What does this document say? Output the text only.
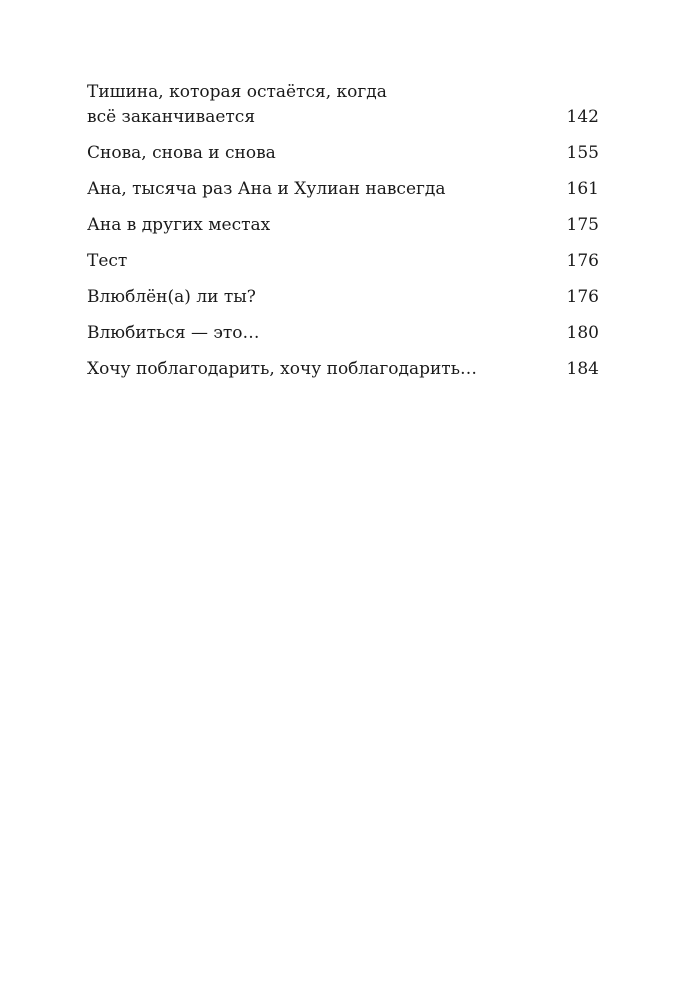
Тишина, которая остаётся, когда
всё заканчивается	142
Снова, снова и снова	155
Ана, тысяча раз Ана и Хулиан навсегда	161
Ана в других местах	175
Тест	176
Влюблён(а) ли ты?	176
Влюбиться — это…	180
Хочу поблагодарить, хочу поблагодарить…	184
